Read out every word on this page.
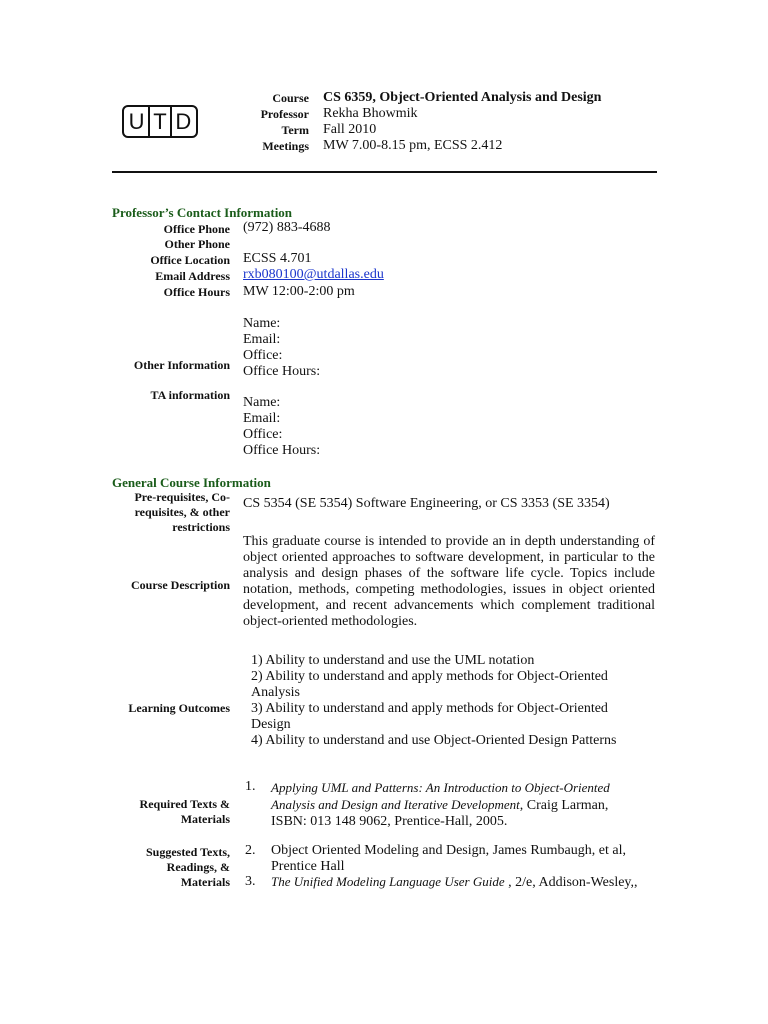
U T D
Course CS 6359, Object-Oriented Analysis and Design
Professor Rekha Bhowmik
Term Fall 2010
Meetings MW 7.00-8.15 pm, ECSS 2.412
Professor’s Contact Information
Office Phone (972) 883-4688
Other Phone
Office Location ECSS 4.701
Email Address rxb080100@utdallas.edu
Office Hours MW 12:00-2:00 pm
Name:
Email:
Office:
Office Hours:
Other Information
TA information Name:
Email:
Office:
Office Hours:
General Course Information
Pre-requisites, Co-
requisites, & other
restrictions
CS 5354 (SE 5354) Software Engineering, or CS 3353 (SE 3354)
Course Description
This graduate course is intended to provide an in depth understanding of object oriented approaches to software development, in particular to the analysis and design phases of the software life cycle. Topics include notation, methods, competing methodologies, issues in object oriented development, and recent advancements which complement traditional object-oriented methodologies.
Learning Outcomes
1) Ability to understand and use the UML notation
2) Ability to understand and apply methods for Object-Oriented
Analysis
3) Ability to understand and apply methods for Object-Oriented
Design
4) Ability to understand and use Object-Oriented Design Patterns
Required Texts &
Materials
1. Applying UML and Patterns: An Introduction to Object-Oriented Analysis and Design and Iterative Development, Craig Larman,
ISBN: 013 148 9062, Prentice-Hall, 2005.
Suggested Texts,
Readings, &
Materials
2. Object Oriented Modeling and Design, James Rumbaugh, et al, Prentice Hall
3. The Unified Modeling Language User Guide , 2/e, Addison-Wesley,,
